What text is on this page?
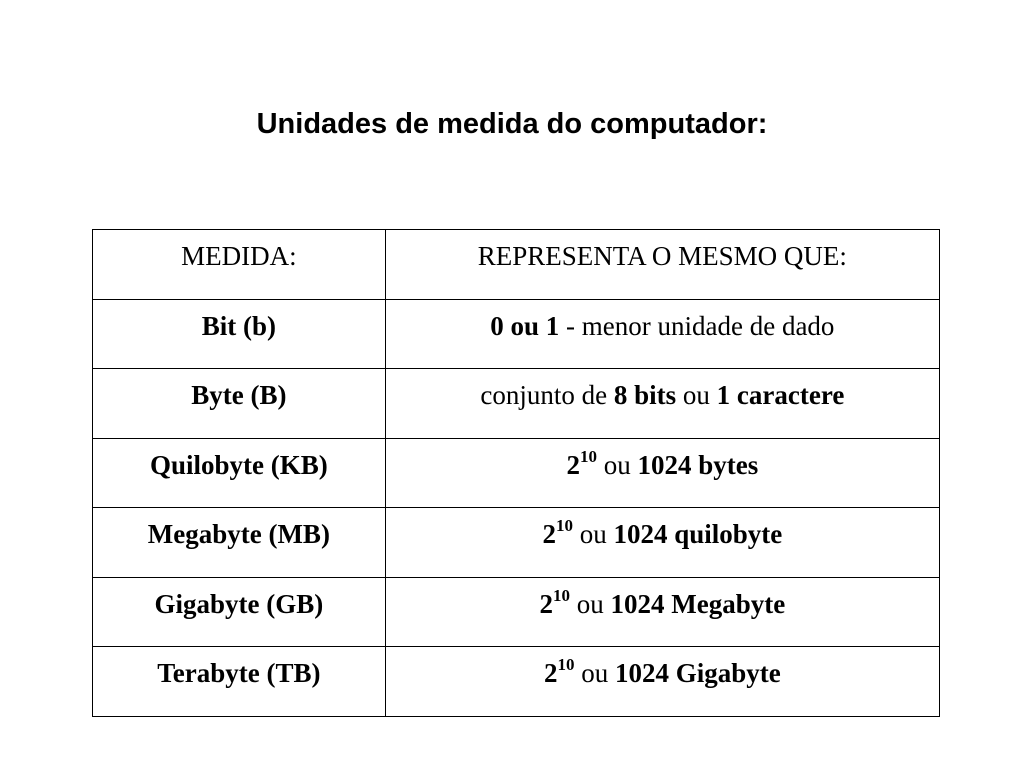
Unidades de medida do computador:
MEDIDA:	REPRESENTA O MESMO QUE:
Bit (b)	0 ou 1 - menor unidade de dado
Byte (B)	conjunto de 8 bits ou 1 caractere
Quilobyte (KB)	$2^{10}$ ou 1024 bytes
Megabyte (MB)	$2^{10}$ ou 1024 quilobyte
Gigabyte (GB)	$2^{10}$ ou 1024 Megabyte
Terabyte (TB)	$2^{10}$ ou 1024 Gigabyte
